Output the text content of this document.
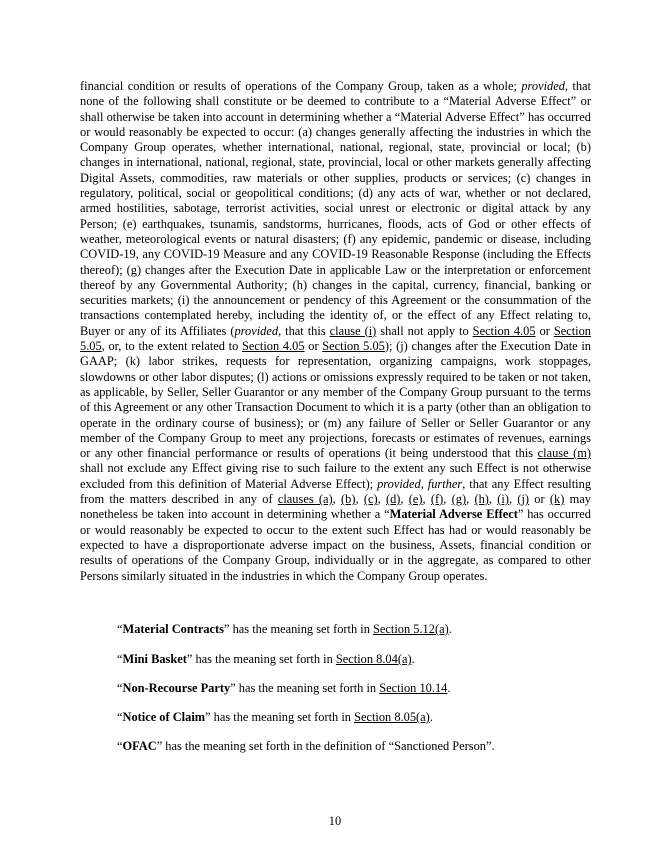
financial condition or results of operations of the Company Group, taken as a whole; provided, that none of the following shall constitute or be deemed to contribute to a “Material Adverse Effect” or shall otherwise be taken into account in determining whether a “Material Adverse Effect” has occurred or would reasonably be expected to occur: (a) changes generally affecting the industries in which the Company Group operates, whether international, national, regional, state, provincial or local; (b) changes in international, national, regional, state, provincial, local or other markets generally affecting Digital Assets, commodities, raw materials or other supplies, products or services; (c) changes in regulatory, political, social or geopolitical conditions; (d) any acts of war, whether or not declared, armed hostilities, sabotage, terrorist activities, social unrest or electronic or digital attack by any Person; (e) earthquakes, tsunamis, sandstorms, hurricanes, floods, acts of God or other effects of weather, meteorological events or natural disasters; (f) any epidemic, pandemic or disease, including COVID-19, any COVID-19 Measure and any COVID-19 Reasonable Response (including the Effects thereof); (g) changes after the Execution Date in applicable Law or the interpretation or enforcement thereof by any Governmental Authority; (h) changes in the capital, currency, financial, banking or securities markets; (i) the announcement or pendency of this Agreement or the consummation of the transactions contemplated hereby, including the identity of, or the effect of any Effect relating to, Buyer or any of its Affiliates (provided, that this clause (i) shall not apply to Section 4.05 or Section 5.05, or, to the extent related to Section 4.05 or Section 5.05); (j) changes after the Execution Date in GAAP; (k) labor strikes, requests for representation, organizing campaigns, work stoppages, slowdowns or other labor disputes; (l) actions or omissions expressly required to be taken or not taken, as applicable, by Seller, Seller Guarantor or any member of the Company Group pursuant to the terms of this Agreement or any other Transaction Document to which it is a party (other than an obligation to operate in the ordinary course of business); or (m) any failure of Seller or Seller Guarantor or any member of the Company Group to meet any projections, forecasts or estimates of revenues, earnings or any other financial performance or results of operations (it being understood that this clause (m) shall not exclude any Effect giving rise to such failure to the extent any such Effect is not otherwise excluded from this definition of Material Adverse Effect); provided, further, that any Effect resulting from the matters described in any of clauses (a), (b), (c), (d), (e), (f), (g), (h), (i), (j) or (k) may nonetheless be taken into account in determining whether a “Material Adverse Effect” has occurred or would reasonably be expected to occur to the extent such Effect has had or would reasonably be expected to have a disproportionate adverse impact on the business, Assets, financial condition or results of operations of the Company Group, individually or in the aggregate, as compared to other Persons similarly situated in the industries in which the Company Group operates.

“Material Contracts” has the meaning set forth in Section 5.12(a).

“Mini Basket” has the meaning set forth in Section 8.04(a).

“Non-Recourse Party” has the meaning set forth in Section 10.14.

“Notice of Claim” has the meaning set forth in Section 8.05(a).

“OFAC” has the meaning set forth in the definition of “Sanctioned Person”.

10
